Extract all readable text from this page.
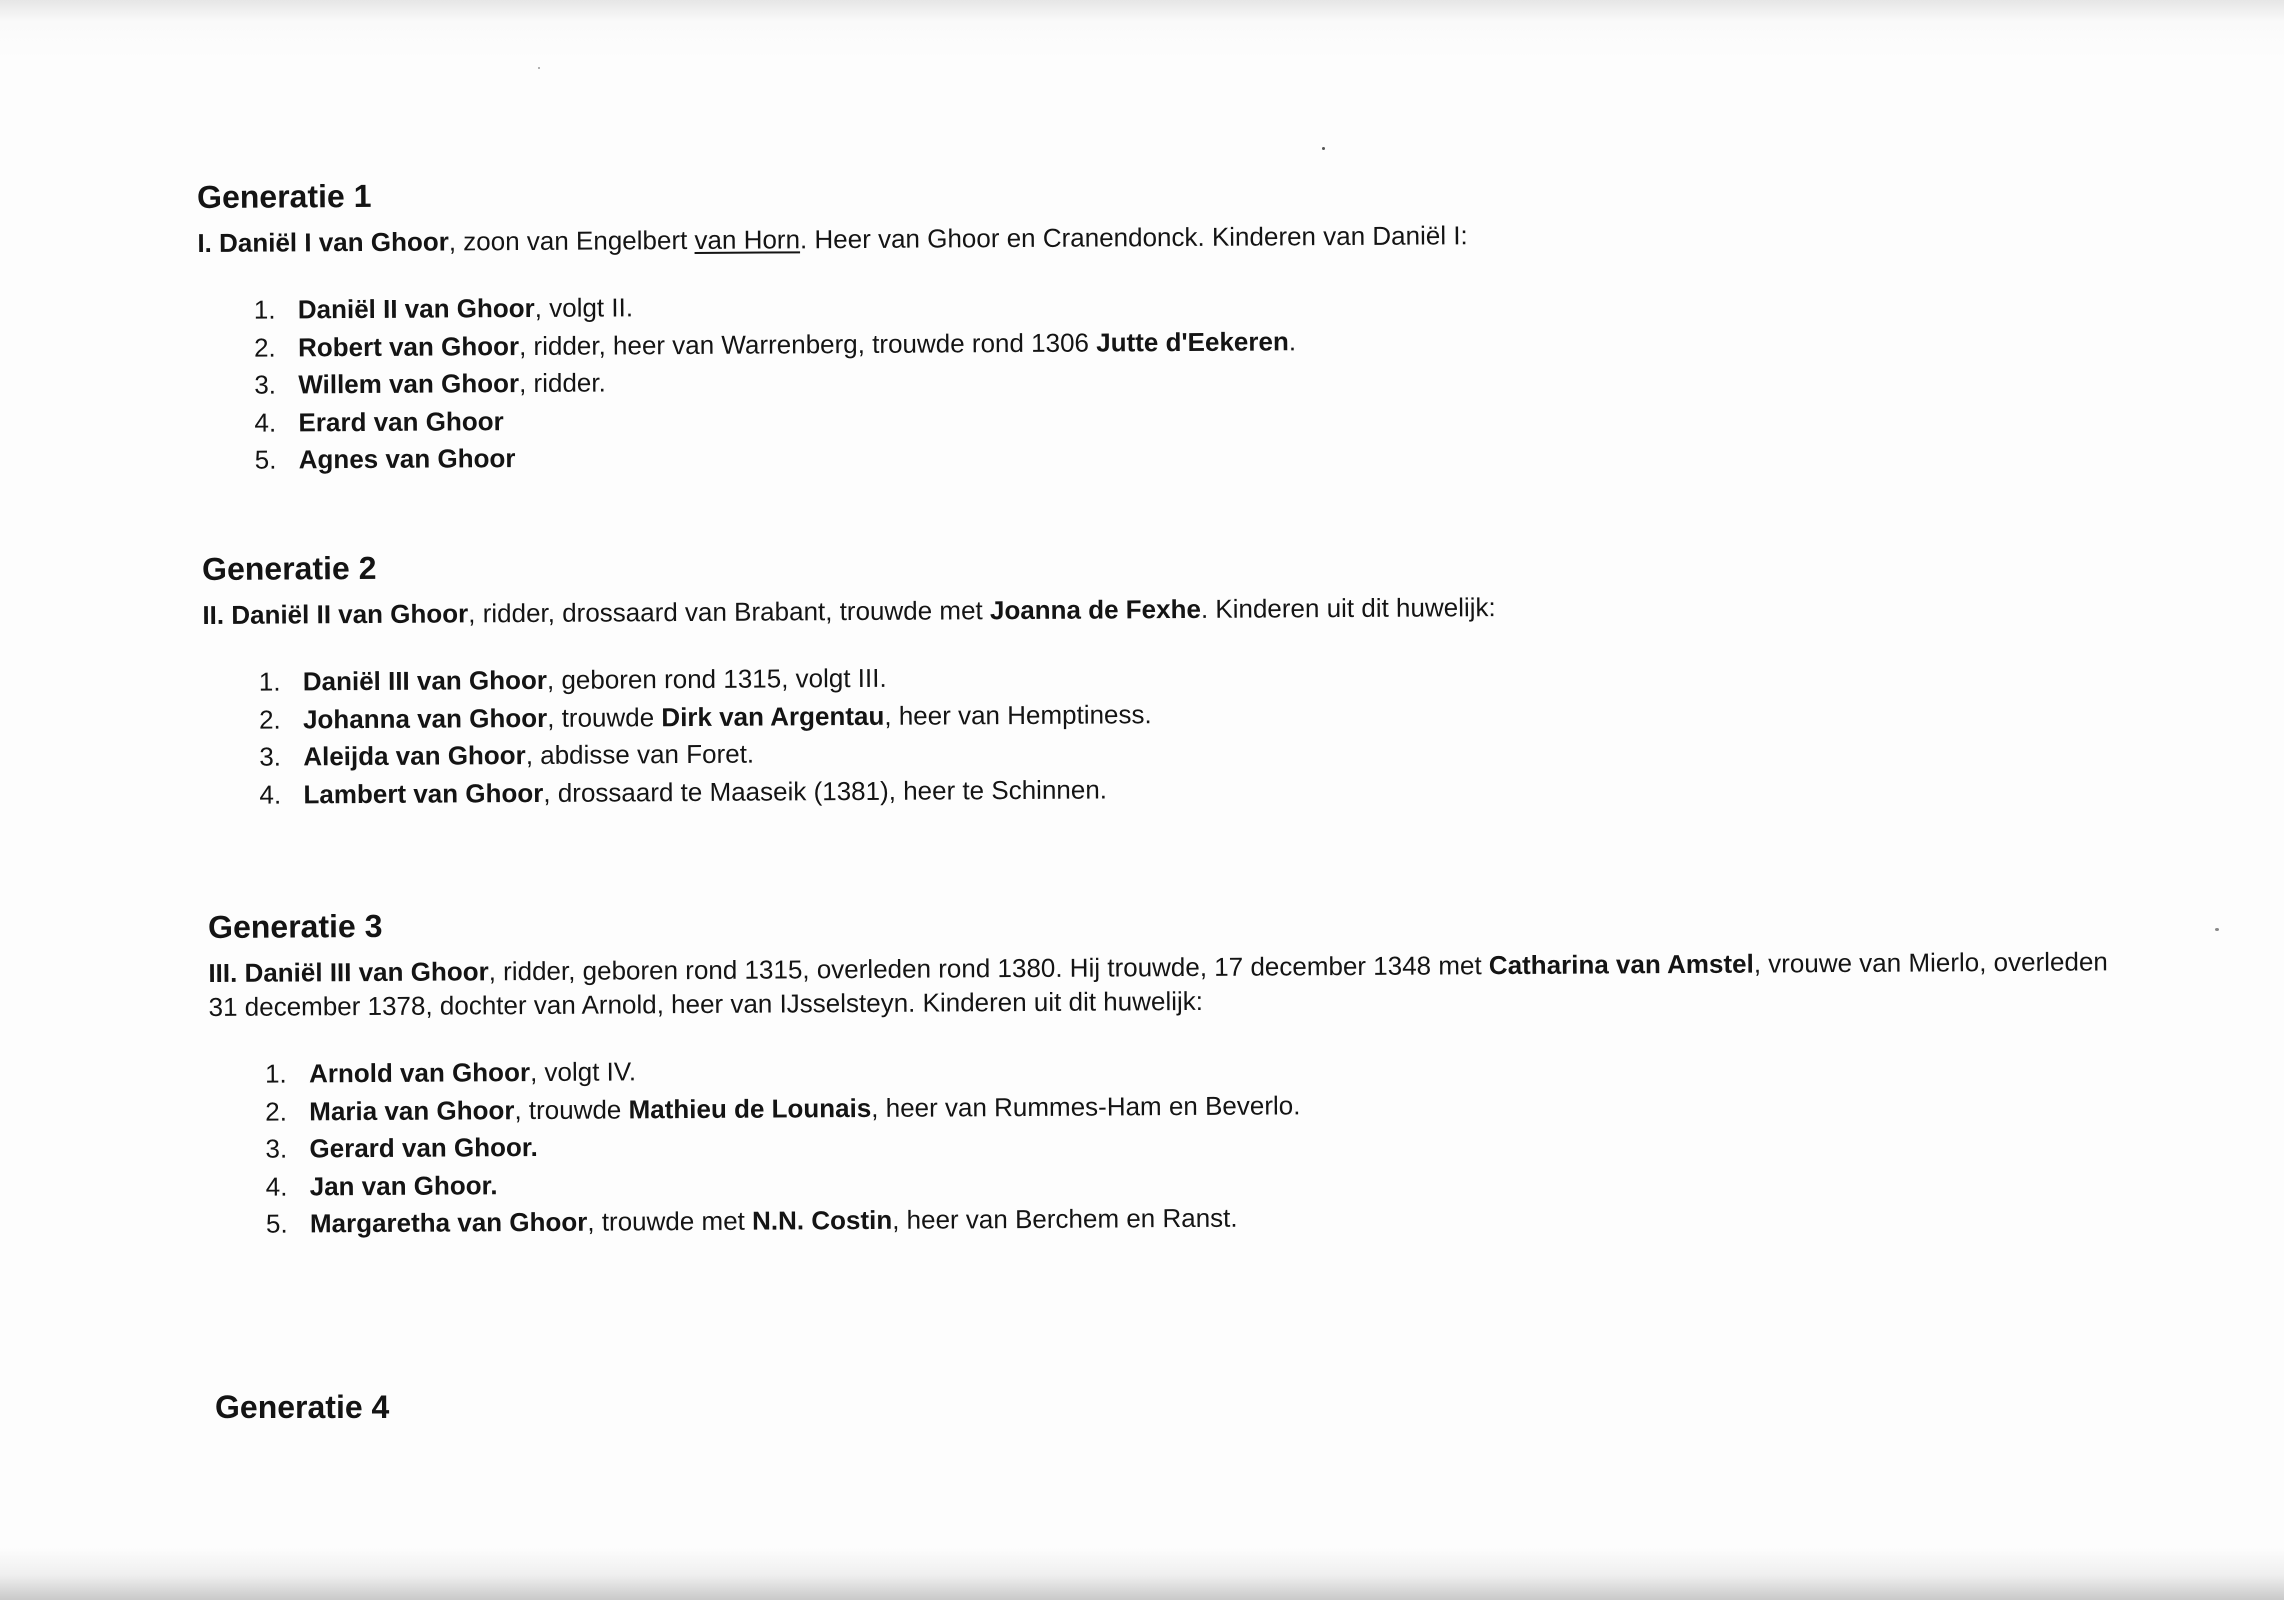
Generatie 1

I. Daniël I van Ghoor, zoon van Engelbert van Horn. Heer van Ghoor en Cranendonck. Kinderen van Daniël I:

Daniël II van Ghoor, volgt II.
Robert van Ghoor, ridder, heer van Warrenberg, trouwde rond 1306 Jutte d'Eekeren.
Willem van Ghoor, ridder.
Erard van Ghoor
Agnes van Ghoor
Generatie 2

II. Daniël II van Ghoor, ridder, drossaard van Brabant, trouwde met Joanna de Fexhe. Kinderen uit dit huwelijk:

Daniël III van Ghoor, geboren rond 1315, volgt III.
Johanna van Ghoor, trouwde Dirk van Argentau, heer van Hemptiness.
Aleijda van Ghoor, abdisse van Foret.
Lambert van Ghoor, drossaard te Maaseik (1381), heer te Schinnen.
Generatie 3

III. Daniël III van Ghoor, ridder, geboren rond 1315, overleden rond 1380. Hij trouwde, 17 december 1348 met Catharina van Amstel, vrouwe van Mierlo, overleden 31 december 1378, dochter van Arnold, heer van IJsselsteyn. Kinderen uit dit huwelijk:

Arnold van Ghoor, volgt IV.
Maria van Ghoor, trouwde Mathieu de Lounais, heer van Rummes-Ham en Beverlo.
Gerard van Ghoor.
Jan van Ghoor.
Margaretha van Ghoor, trouwde met N.N. Costin, heer van Berchem en Ranst.
Generatie 4
